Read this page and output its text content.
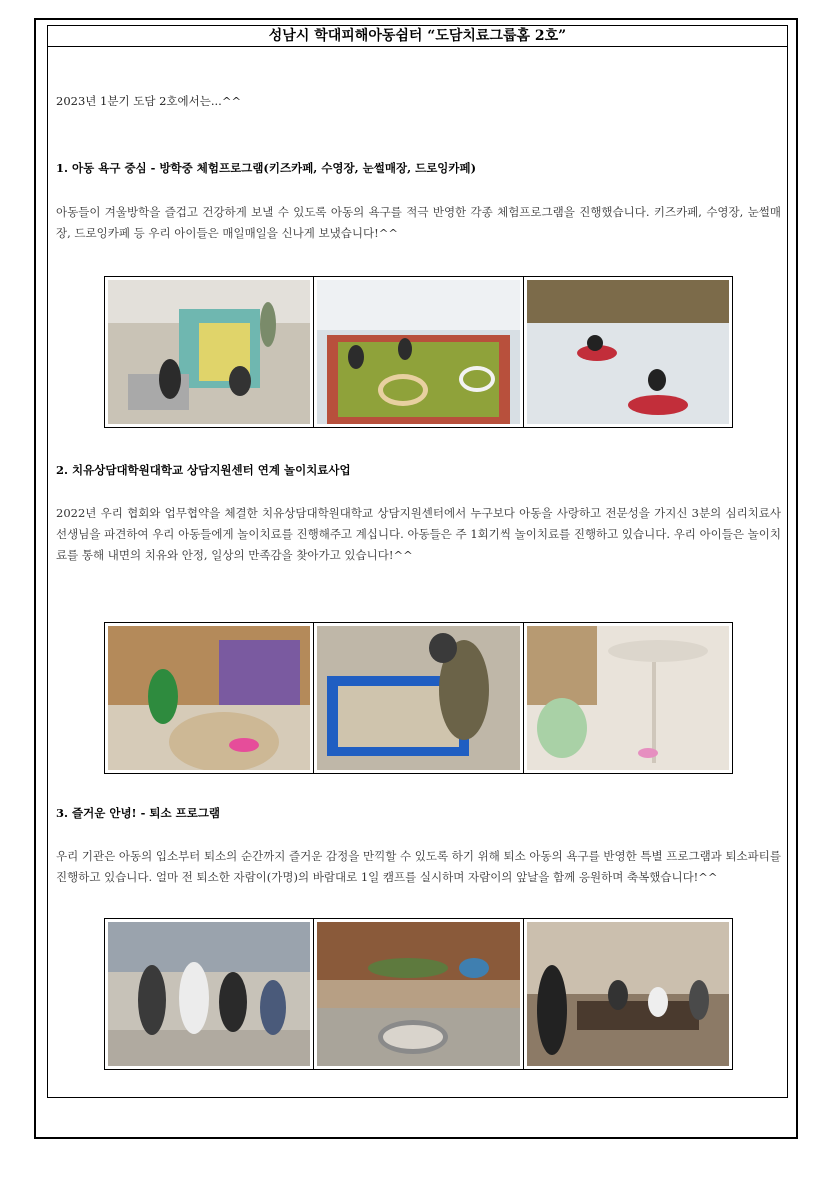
성남시 학대피해아동쉼터 “도담치료그룹홈 2호”
2023년 1분기 도담 2호에서는...^^
1. 아동 욕구 중심 - 방학중 체험프로그램(키즈카페, 수영장, 눈썰매장, 드로잉카페)
아동들이 겨울방학을 즐겁고 건강하게 보낼 수 있도록 아동의 욕구를 적극 반영한 각종 체험프로그램을 진행했습니다. 키즈카페, 수영장, 눈썰매장, 드로잉카페 등 우리 아이들은 매일매일을 신나게 보냈습니다!^^
2. 치유상담대학원대학교 상담지원센터 연계 놀이치료사업
2022년 우리 협회와 업무협약을 체결한 치유상담대학원대학교 상담지원센터에서 누구보다 아동을 사랑하고 전문성을 가지신 3분의 심리치료사 선생님을 파견하여 우리 아동들에게 놀이치료를 진행해주고 계십니다. 아동들은 주 1회기씩 놀이치료를 진행하고 있습니다. 우리 아이들은 놀이치료를 통해 내면의 치유와 안정, 일상의 만족감을 찾아가고 있습니다!^^
3. 즐거운 안녕! - 퇴소 프로그램
우리 기관은 아동의 입소부터 퇴소의 순간까지 즐거운 감정을 만끽할 수 있도록 하기 위해 퇴소 아동의 욕구를 반영한 특별 프로그램과 퇴소파티를 진행하고 있습니다. 얼마 전 퇴소한 자람이(가명)의 바람대로 1일 캠프를 실시하며 자람이의 앞날을 함께 응원하며 축복했습니다!^^
